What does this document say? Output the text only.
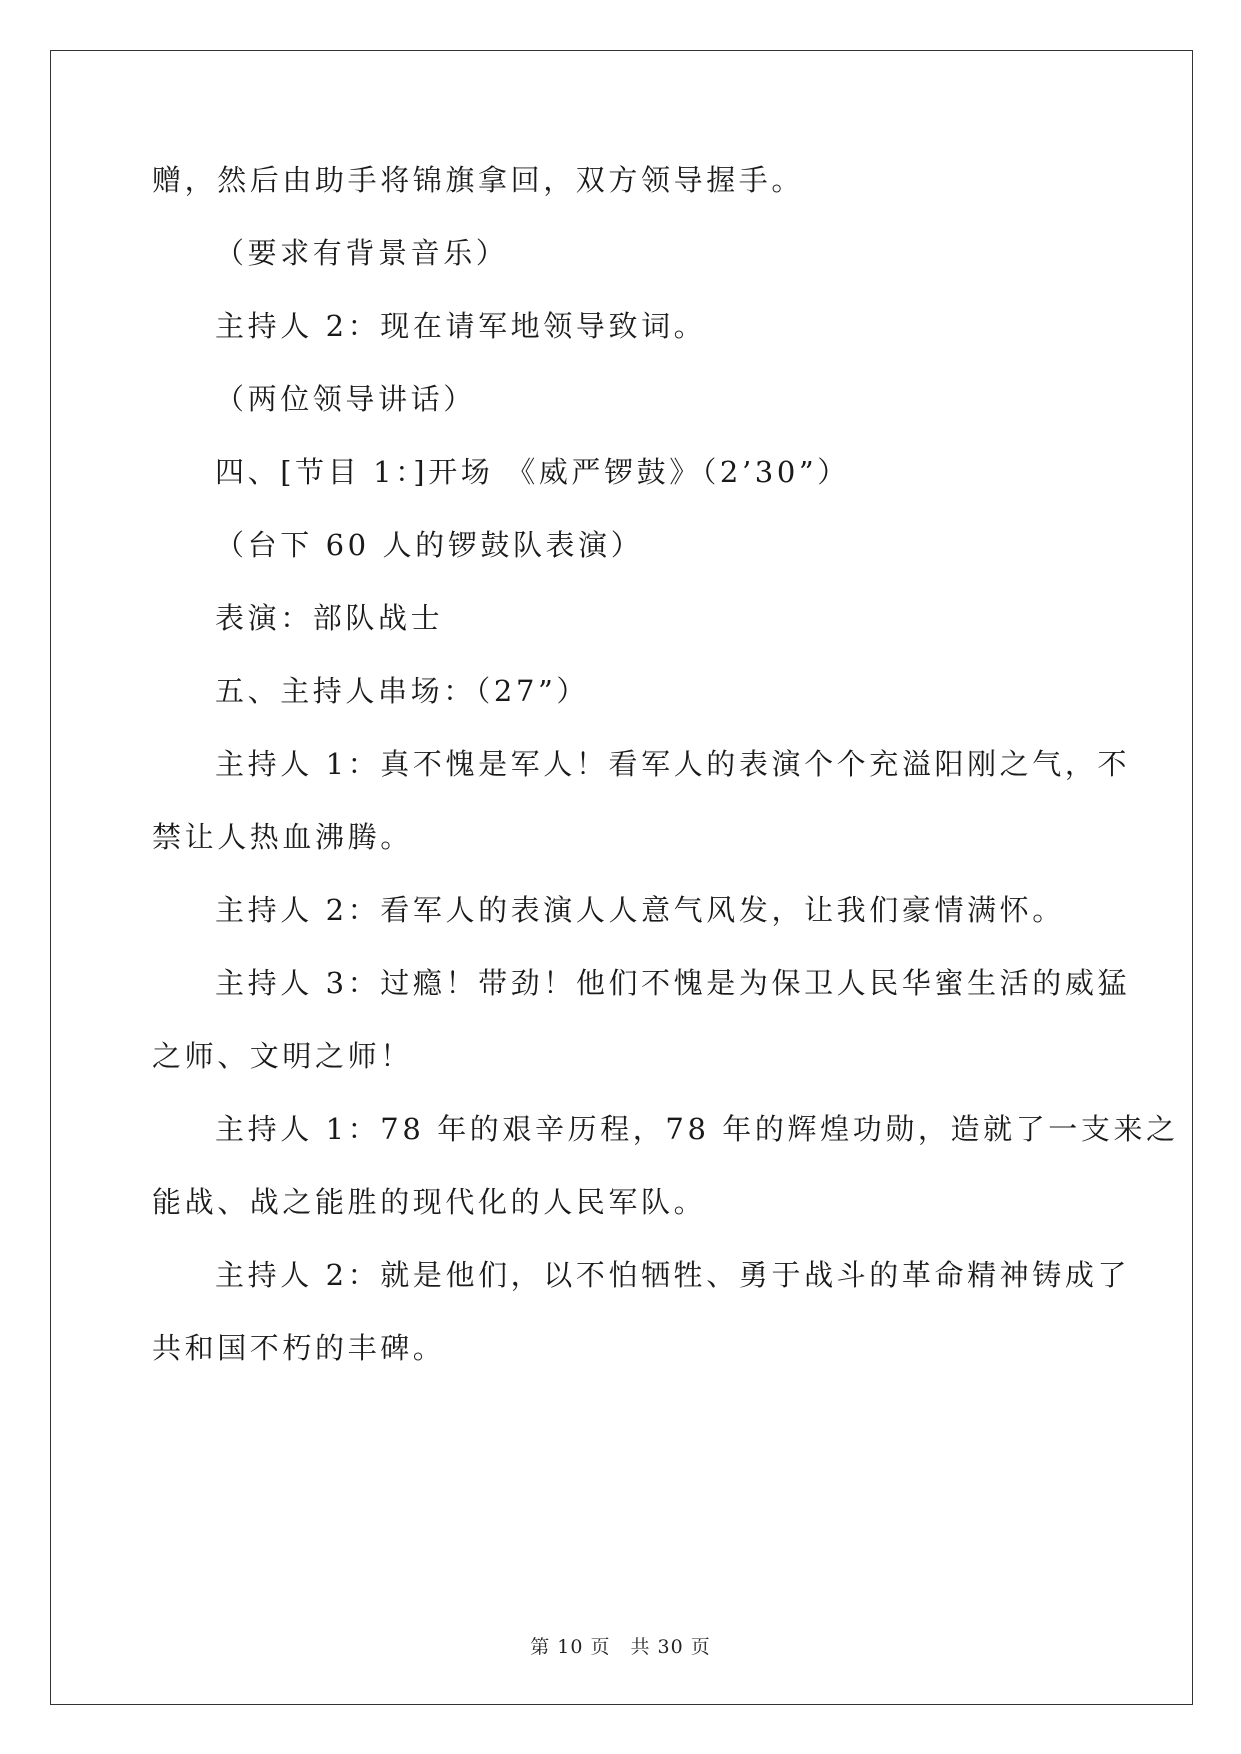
赠，然后由助手将锦旗拿回，双方领导握手。
（要求有背景音乐）
主持人 2：现在请军地领导致词。
（两位领导讲话）
四、[节目 1：]开场 《威严锣鼓》（2’30”）
（台下 60 人的锣鼓队表演）
表演：部队战士
五、主持人串场：（27”）
主持人 1：真不愧是军人！看军人的表演个个充溢阳刚之气，不
禁让人热血沸腾。
主持人 2：看军人的表演人人意气风发，让我们豪情满怀。
主持人 3：过瘾！带劲！他们不愧是为保卫人民华蜜生活的威猛
之师、文明之师！
主持人 1：78 年的艰辛历程，78 年的辉煌功勋，造就了一支来之
能战、战之能胜的现代化的人民军队。
主持人 2：就是他们，以不怕牺牲、勇于战斗的革命精神铸成了
共和国不朽的丰碑。
第 10 页　共 30 页
